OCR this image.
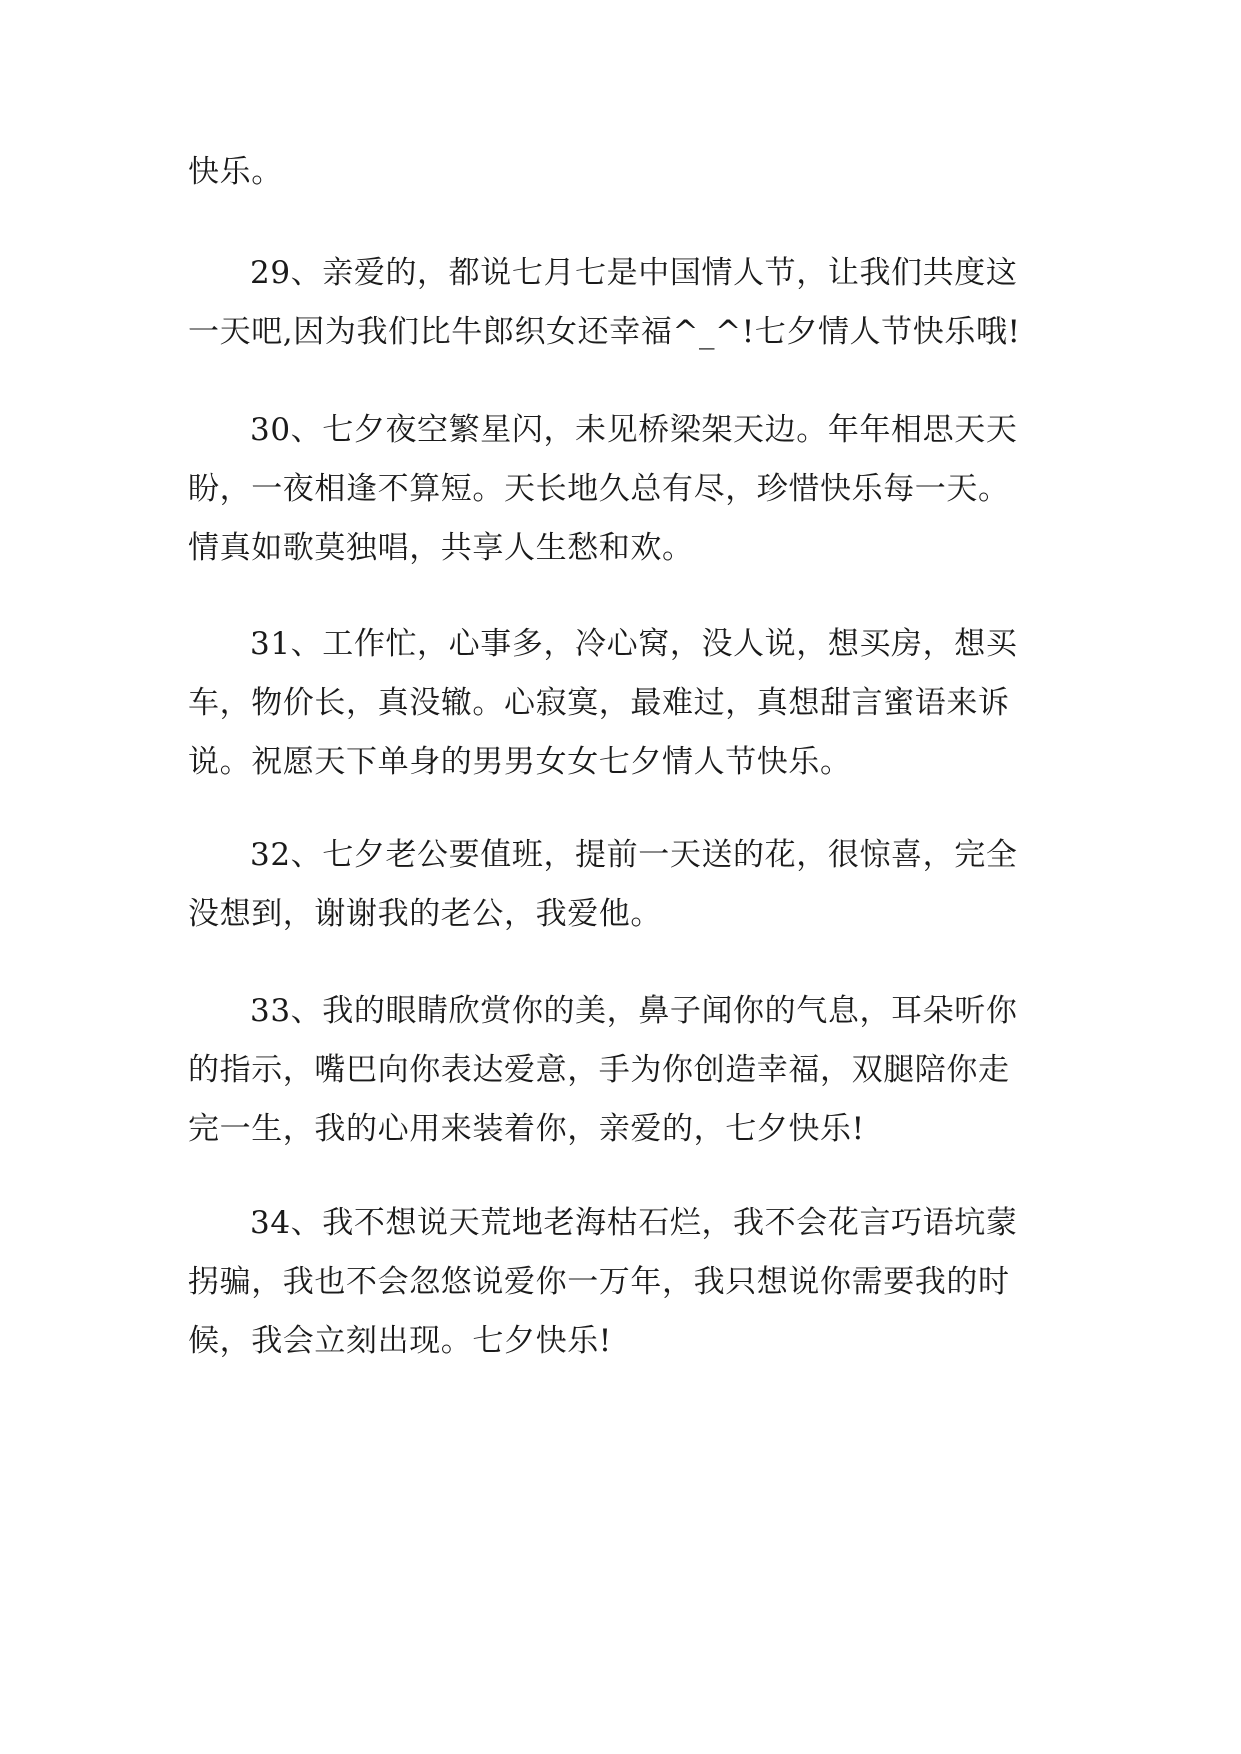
快乐。

29、亲爱的，都说七月七是中国情人节，让我们共度这
一天吧,因为我们比牛郎织女还幸福^_^!七夕情人节快乐哦!

30、七夕夜空繁星闪，未见桥梁架天边。年年相思天天
盼，一夜相逢不算短。天长地久总有尽，珍惜快乐每一天。
情真如歌莫独唱，共享人生愁和欢。

31、工作忙，心事多，冷心窝，没人说，想买房，想买
车，物价长，真没辙。心寂寞，最难过，真想甜言蜜语来诉
说。祝愿天下单身的男男女女七夕情人节快乐。

32、七夕老公要值班，提前一天送的花，很惊喜，完全
没想到，谢谢我的老公，我爱他。

33、我的眼睛欣赏你的美，鼻子闻你的气息，耳朵听你
的指示，嘴巴向你表达爱意，手为你创造幸福，双腿陪你走
完一生，我的心用来装着你，亲爱的，七夕快乐!

34、我不想说天荒地老海枯石烂，我不会花言巧语坑蒙
拐骗，我也不会忽悠说爱你一万年，我只想说你需要我的时
候，我会立刻出现。七夕快乐!
